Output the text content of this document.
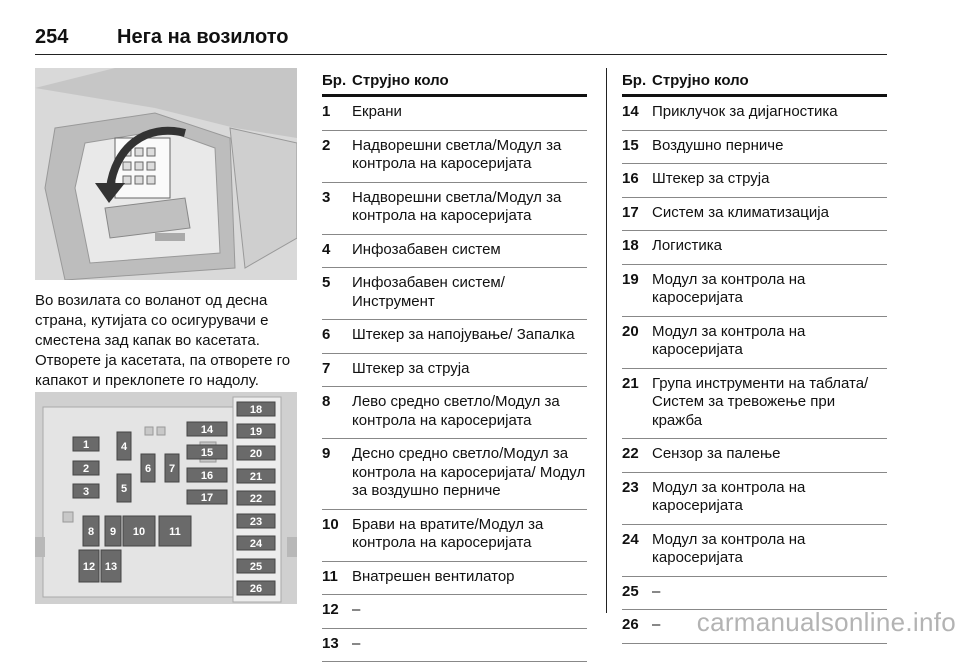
254 Нега на возилото
Во возилата со воланот од десна страна, кутијата со осигурувачи е сместена зад капак во касетата. Отворете ја касетата, па отворете го капакот и преклопете го надолу.
1
2
3
4
5
6 7
8 9 10 11
12 13
14
15
16
17
18
19
20
21
22
23
24
25
26
Бр. Струјно коло
1 Екрани
2 Надворешни светла/Модул за контрола на каросеријата
3 Надворешни светла/Модул за контрола на каросеријата
4 Инфозабавен систем
5 Инфозабавен систем/ Инструмент
6 Штекер за напојување/ Запалка
7 Штекер за струја
8 Лево средно светло/Модул за контрола на каросеријата
9 Десно средно светло/Модул за контрола на каросеријата/ Модул за воздушно перниче
10 Брави на вратите/Модул за контрола на каросеријата
11 Внатрешен вентилатор
12 –
13 –
Бр. Струјно коло
14 Приклучок за дијагностика
15 Воздушно перниче
16 Штекер за струја
17 Систем за климатизација
18 Логистика
19 Модул за контрола на каросеријата
20 Модул за контрола на каросеријата
21 Група инструменти на таблата/Систем за тревожење при кражба
22 Сензор за палење
23 Модул за контрола на каросеријата
24 Модул за контрола на каросеријата
25 –
26 –	carmanualsonline.info
